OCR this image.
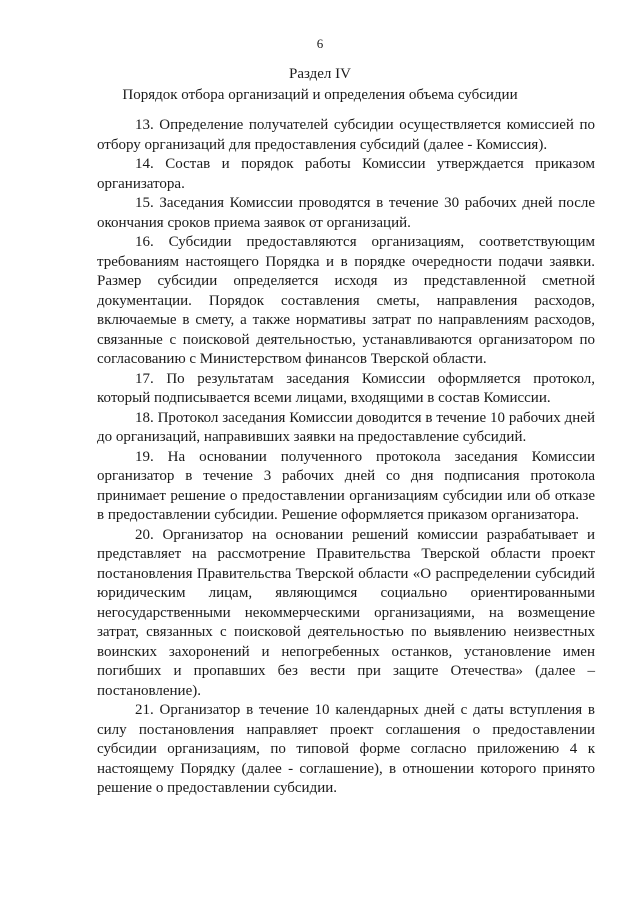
6
Раздел IV
Порядок отбора организаций и определения объема субсидии

13. Определение получателей субсидии осуществляется комиссией по отбору организаций для предоставления субсидий (далее - Комиссия).

14. Состав и порядок работы Комиссии утверждается приказом организатора.

15. Заседания Комиссии проводятся в течение 30 рабочих дней после окончания сроков приема заявок от организаций.

16. Субсидии предоставляются организациям, соответствующим требованиям настоящего Порядка и в порядке очередности подачи заявки. Размер субсидии определяется исходя из представленной сметной документации. Порядок составления сметы, направления расходов, включаемые в смету, а также нормативы затрат по направлениям расходов, связанные с поисковой деятельностью, устанавливаются организатором по согласованию с Министерством финансов Тверской области.

17. По результатам заседания Комиссии оформляется протокол, который подписывается всеми лицами, входящими в состав Комиссии.

18. Протокол заседания Комиссии доводится в течение 10 рабочих дней до организаций, направивших заявки на предоставление субсидий.

19. На основании полученного протокола заседания Комиссии организатор в течение 3 рабочих дней со дня подписания протокола принимает решение о предоставлении организациям субсидии или об отказе в предоставлении субсидии. Решение оформляется приказом организатора.

20. Организатор на основании решений комиссии разрабатывает и представляет на рассмотрение Правительства Тверской области проект постановления Правительства Тверской области «О распределении субсидий юридическим лицам, являющимся социально ориентированными негосударственными некоммерческими организациями, на возмещение затрат, связанных с поисковой деятельностью по выявлению неизвестных воинских захоронений и непогребенных останков, установление имен погибших и пропавших без вести при защите Отечества» (далее – постановление).

21. Организатор в течение 10 календарных дней с даты вступления в силу постановления направляет проект соглашения о предоставлении субсидии организациям, по типовой форме согласно приложению 4 к настоящему Порядку (далее - соглашение), в отношении которого принято решение о предоставлении субсидии.
